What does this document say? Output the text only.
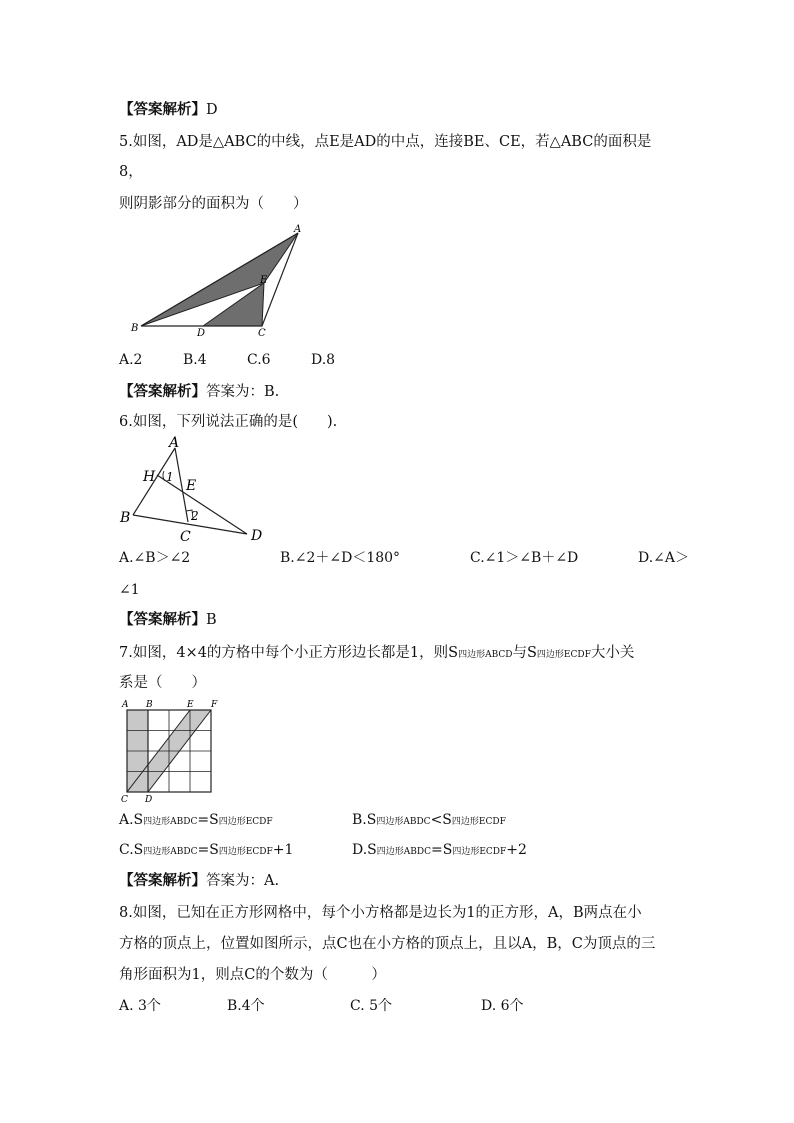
【答案解析】D
5.如图，AD是△ABC的中线，点E是AD的中点，连接BE、CE，若△ABC的面积是
8，
则阴影部分的面积为（　　）
A
B	C
D
E
A.2	B.4	C.6	D.8
【答案解析】答案为：B.
6.如图，下列说法正确的是(　　).
A
H
E
B
C	D
1
2
A.∠B＞∠2	B.∠2＋∠D＜180°	C.∠1＞∠B＋∠D	D.∠A＞
∠1
【答案解析】B
7.如图，4×4的方格中每个小正方形边长都是1，则S四边形ABCD与S四边形ECDF大小关
系是（　　）
A B	E F
C D
A.S四边形ABDC=S四边形ECDF	B.S四边形ABDC<S四边形ECDF
C.S四边形ABDC=S四边形ECDF+1	D.S四边形ABDC=S四边形ECDF+2
【答案解析】答案为：A.
8.如图，已知在正方形网格中，每个小方格都是边长为1的正方形，A，B两点在小
方格的顶点上，位置如图所示，点C也在小方格的顶点上，且以A，B，C为顶点的三
角形面积为1，则点C的个数为（　　　）
A. 3个	B.4个	C. 5个	D. 6个
